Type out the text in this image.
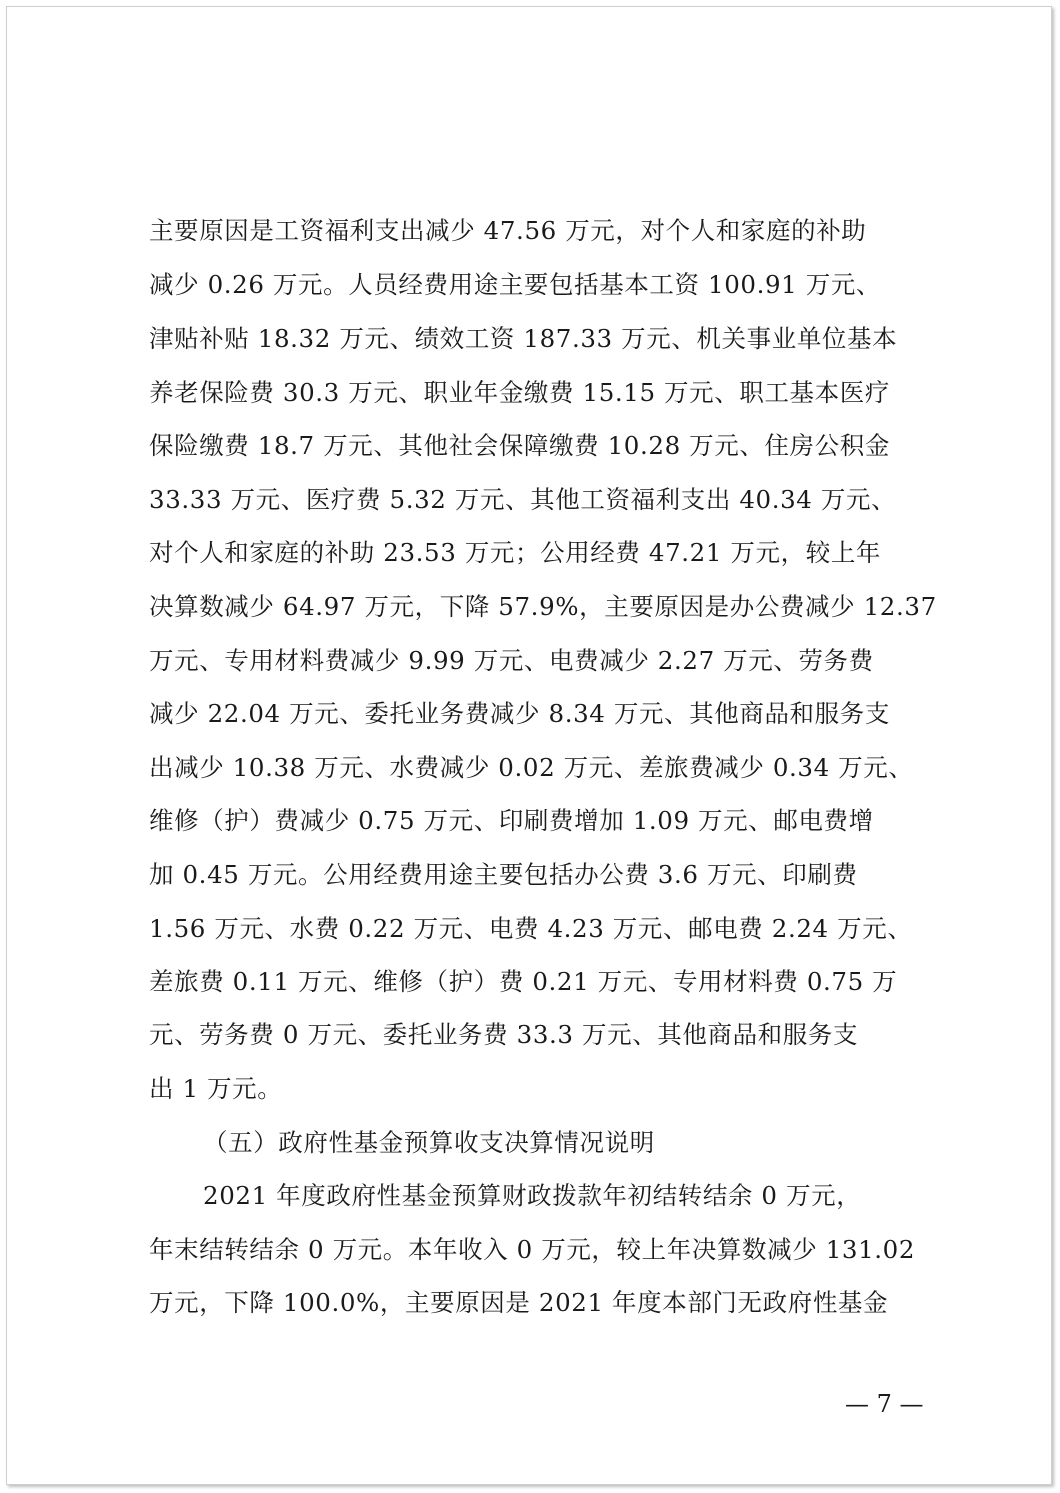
主要原因是工资福利支出减少 47.56 万元，对个人和家庭的补助
减少 0.26 万元。人员经费用途主要包括基本工资 100.91 万元、
津贴补贴 18.32 万元、绩效工资 187.33 万元、机关事业单位基本
养老保险费 30.3 万元、职业年金缴费 15.15 万元、职工基本医疗
保险缴费 18.7 万元、其他社会保障缴费 10.28 万元、住房公积金
33.33 万元、医疗费 5.32 万元、其他工资福利支出 40.34 万元、
对个人和家庭的补助 23.53 万元；公用经费 47.21 万元，较上年
决算数减少 64.97 万元，下降 57.9%，主要原因是办公费减少 12.37
万元、专用材料费减少 9.99 万元、电费减少 2.27 万元、劳务费
减少 22.04 万元、委托业务费减少 8.34 万元、其他商品和服务支
出减少 10.38 万元、水费减少 0.02 万元、差旅费减少 0.34 万元、
维修（护）费减少 0.75 万元、印刷费增加 1.09 万元、邮电费增
加 0.45 万元。公用经费用途主要包括办公费 3.6 万元、印刷费
1.56 万元、水费 0.22 万元、电费 4.23 万元、邮电费 2.24 万元、
差旅费 0.11 万元、维修（护）费 0.21 万元、专用材料费 0.75 万
元、劳务费 0 万元、委托业务费 33.3 万元、其他商品和服务支
出 1 万元。
（五）政府性基金预算收支决算情况说明
2021 年度政府性基金预算财政拨款年初结转结余 0 万元，
年末结转结余 0 万元。本年收入 0 万元，较上年决算数减少 131.02
万元，下降 100.0%，主要原因是 2021 年度本部门无政府性基金
— 7 —
